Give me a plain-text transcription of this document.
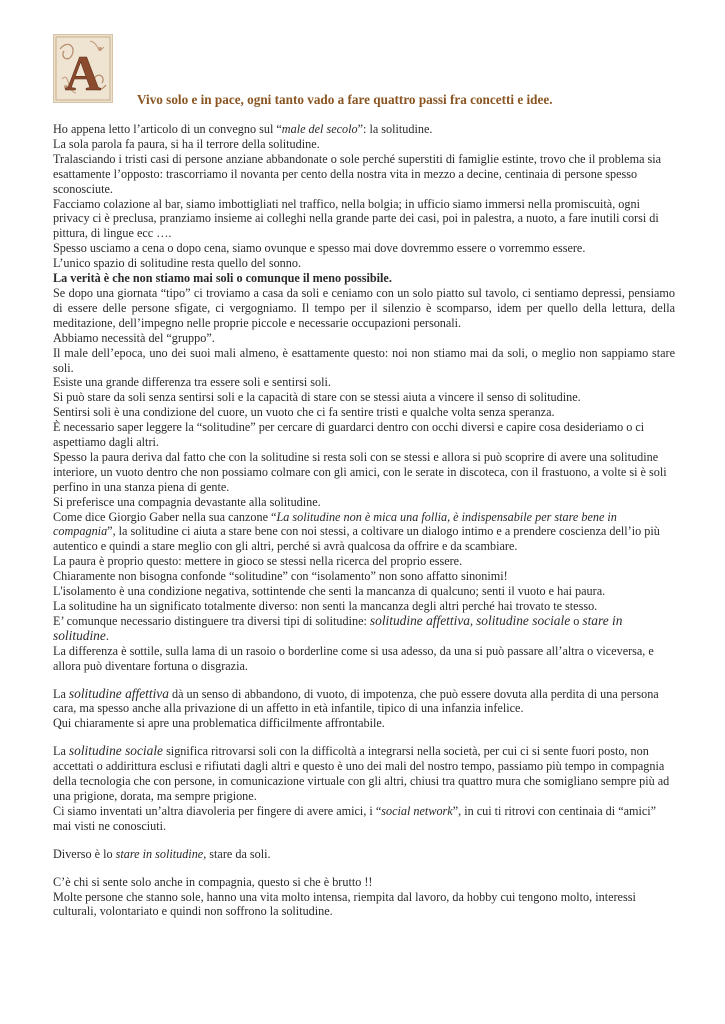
A	Vivo solo e in pace, ogni tanto vado a fare quattro passi fra concetti e idee.

Ho appena letto l’articolo di un convegno sul “male del secolo”: la solitudine.

La sola parola fa paura, si ha il terrore della solitudine.

Tralasciando i tristi casi di persone anziane abbandonate o sole perché superstiti di famiglie estinte, trovo che il problema sia esattamente l’opposto: trascorriamo il novanta per cento della nostra vita in mezzo a decine, centinaia di persone spesso sconosciute.

Facciamo colazione al bar, siamo imbottigliati nel traffico, nella bolgia; in ufficio siamo immersi nella promiscuità, ogni privacy ci è preclusa, pranziamo insieme ai colleghi nella grande parte dei casi, poi in palestra, a nuoto, a fare inutili corsi di pittura, di lingue ecc ….

Spesso usciamo a cena o dopo cena, siamo ovunque e spesso mai dove dovremmo essere o vorremmo essere.

L’unico spazio di solitudine resta quello del sonno.

La verità è che non stiamo mai soli o comunque il meno possibile.

Se dopo una giornata “tipo” ci troviamo a casa da soli e ceniamo con un solo piatto sul tavolo, ci sentiamo depressi, pensiamo di essere delle persone sfigate, ci vergogniamo. Il tempo per il silenzio è scomparso, idem per quello della lettura, della meditazione, dell’impegno nelle proprie piccole e necessarie occupazioni personali.

Abbiamo necessità del “gruppo”.

Il male dell’epoca, uno dei suoi mali almeno, è esattamente questo: noi non stiamo mai da soli, o meglio non sappiamo stare soli.

Esiste una grande differenza tra essere soli e sentirsi soli.

Si può stare da soli senza sentirsi soli e la capacità di stare con se stessi aiuta a vincere il senso di solitudine.

Sentirsi soli è una condizione del cuore, un vuoto che ci fa sentire tristi e qualche volta senza speranza.

È necessario saper leggere la “solitudine” per cercare di guardarci dentro con occhi diversi e capire cosa desideriamo o ci aspettiamo dagli altri.

Spesso la paura deriva dal fatto che con la solitudine si resta soli con se stessi e allora si può scoprire di avere una solitudine interiore, un vuoto dentro che non possiamo colmare con gli amici, con le serate in discoteca, con il frastuono, a volte si è soli perfino in una stanza piena di gente.

Si preferisce una compagnia devastante alla solitudine.

Come dice Giorgio Gaber nella sua canzone “La solitudine non è mica una follia, è indispensabile per stare bene in compagnia”, la solitudine ci aiuta a stare bene con noi stessi, a coltivare un dialogo intimo e a prendere coscienza dell’io più autentico e quindi a stare meglio con gli altri, perché si avrà qualcosa da offrire e da scambiare.

La paura è proprio questo: mettere in gioco se stessi nella ricerca del proprio essere.

Chiaramente non bisogna confonde “solitudine” con “isolamento” non sono affatto sinonimi!

L'isolamento è una condizione negativa, sottintende che senti la mancanza di qualcuno; senti il vuoto e hai paura.

La solitudine ha un significato totalmente diverso: non senti la mancanza degli altri perché hai trovato te stesso.

E’ comunque necessario distinguere tra diversi tipi di solitudine: solitudine affettiva, solitudine sociale o stare in solitudine.

La differenza è sottile, sulla lama di un rasoio o borderline come si usa adesso, da una si può passare all’altra o viceversa, e allora può diventare fortuna o disgrazia.

La solitudine affettiva dà un senso di abbandono, di vuoto, di impotenza, che può essere dovuta alla perdita di una persona cara, ma spesso anche alla privazione di un affetto in età infantile, tipico di una infanzia infelice.

Qui chiaramente si apre una problematica difficilmente affrontabile.

La solitudine sociale significa ritrovarsi soli con la difficoltà a integrarsi nella società, per cui ci si sente fuori posto, non accettati o addirittura esclusi e rifiutati dagli altri e questo è uno dei mali del nostro tempo, passiamo più tempo in compagnia della tecnologia che con persone, in comunicazione virtuale con gli altri, chiusi tra quattro mura che somigliano sempre più ad una prigione, dorata, ma sempre prigione.

Ci siamo inventati un’altra diavoleria per fingere di avere amici, i “social network”, in cui ti ritrovi con centinaia di “amici” mai visti ne conosciuti.

Diverso è lo stare in solitudine, stare da soli.

C’è chi si sente solo anche in compagnia, questo si che è brutto !!

Molte persone che stanno sole, hanno una vita molto intensa, riempita dal lavoro, da hobby cui tengono molto, interessi culturali, volontariato e quindi non soffrono la solitudine.
